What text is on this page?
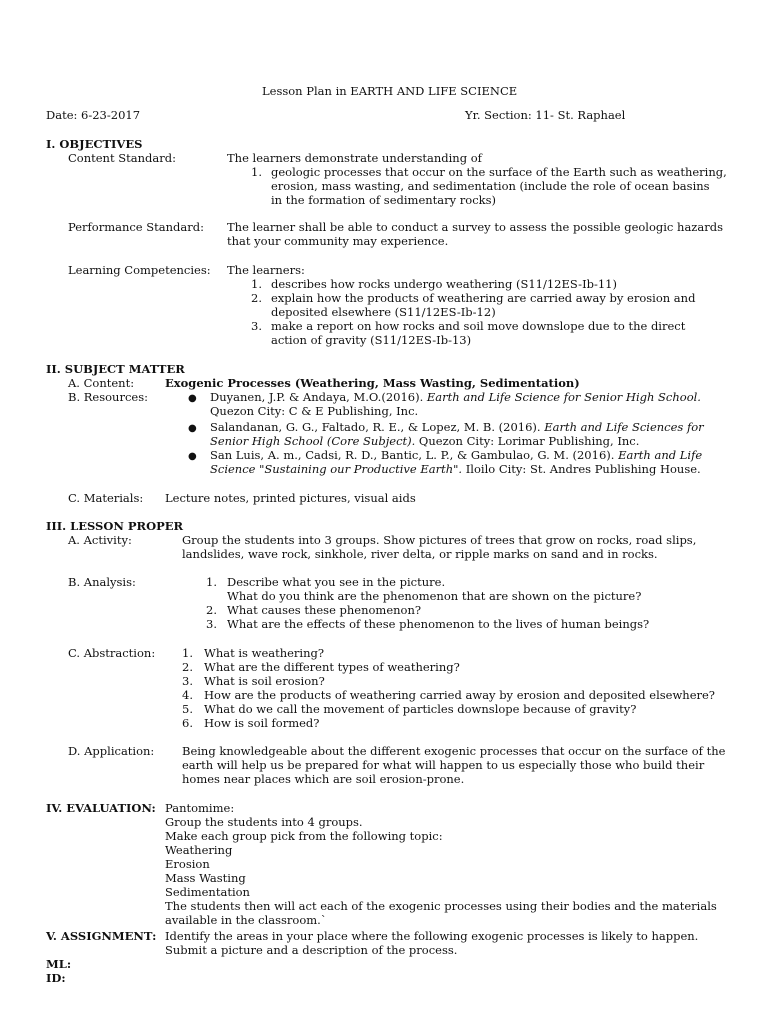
Lesson Plan in EARTH AND LIFE SCIENCE
Date: 6-23-2017	Yr. Section: 11- St. Raphael
I. OBJECTIVES
Content Standard:	The learners demonstrate understanding of
1. geologic processes that occur on the surface of the Earth such as weathering,
erosion, mass wasting, and sedimentation (include the role of ocean basins
in the formation of sedimentary rocks)
Performance Standard: The learner shall be able to conduct a survey to assess the possible geologic hazards
that your community may experience.
Learning Competencies: The learners:
1. describes how rocks undergo weathering (S11/12ES-Ib-11)
2. explain how the products of weathering are carried away by erosion and
deposited elsewhere (S11/12ES-Ib-12)
3. make a report on how rocks and soil move downslope due to the direct
action of gravity (S11/12ES-Ib-13)
II. SUBJECT MATTER
A. Content:	Exogenic Processes (Weathering, Mass Wasting, Sedimentation)
B. Resources:	● Duyanen, J.P. & Andaya, M.O.(2016). Earth and Life Science for Senior High School.
Quezon City: C & E Publishing, Inc.
● Salandanan, G. G., Faltado, R. E., & Lopez, M. B. (2016). Earth and Life Sciences for
Senior High School (Core Subject). Quezon City: Lorimar Publishing, Inc.
● San Luis, A. m., Cadsi, R. D., Bantic, L. P., & Gambulao, G. M. (2016). Earth and Life
Science "Sustaining our Productive Earth". Iloilo City: St. Andres Publishing House.
C. Materials: Lecture notes, printed pictures, visual aids
III. LESSON PROPER
A. Activity:	Group the students into 3 groups. Show pictures of trees that grow on rocks, road slips,
landslides, wave rock, sinkhole, river delta, or ripple marks on sand and in rocks.
B. Analysis:	1. Describe what you see in the picture.
What do you think are the phenomenon that are shown on the picture?
2. What causes these phenomenon?
3. What are the effects of these phenomenon to the lives of human beings?
C. Abstraction: 1. What is weathering?
2. What are the different types of weathering?
3. What is soil erosion?
4. How are the products of weathering carried away by erosion and deposited elsewhere?
5. What do we call the movement of particles downslope because of gravity?
6. How is soil formed?
D. Application: Being knowledgeable about the different exogenic processes that occur on the surface of the
earth will help us be prepared for what will happen to us especially those who build their
homes near places which are soil erosion-prone.
IV. EVALUATION: Pantomime:
Group the students into 4 groups.
Make each group pick from the following topic:
Weathering
Erosion
Mass Wasting
Sedimentation
The students then will act each of the exogenic processes using their bodies and the materials
available in the classroom.`
V. ASSIGNMENT: Identify the areas in your place where the following exogenic processes is likely to happen.
Submit a picture and a description of the process.
ML:
ID:
